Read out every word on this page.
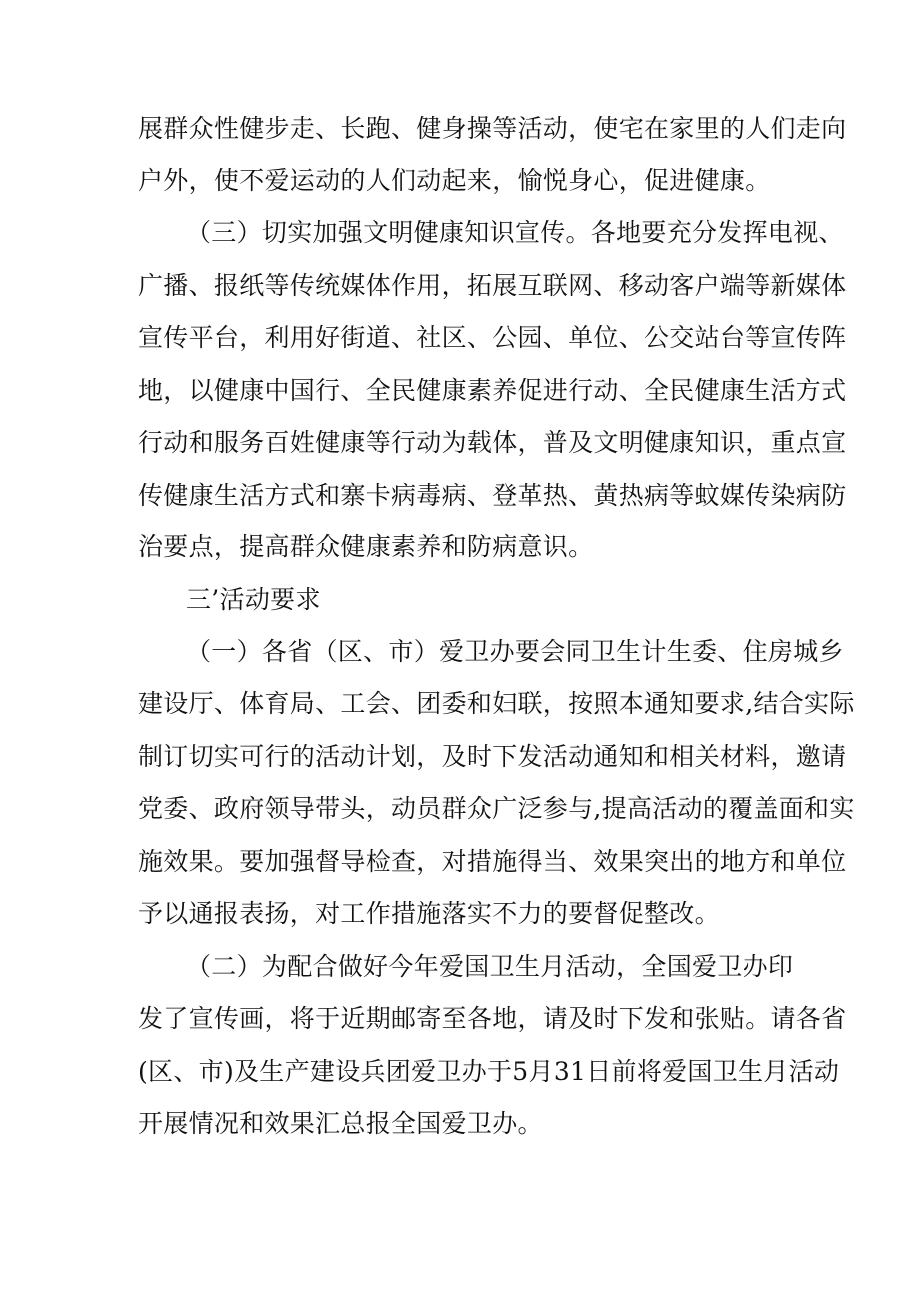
展群众性健步走、长跑、健身操等活动，使宅在家里的人们走向
户外，使不爱运动的人们动起来，愉悦身心，促进健康。
（三）切实加强文明健康知识宣传。各地要充分发挥电视、
广播、报纸等传统媒体作用，拓展互联网、移动客户端等新媒体
宣传平台，利用好街道、社区、公园、单位、公交站台等宣传阵
地，以健康中国行、全民健康素养促进行动、全民健康生活方式
行动和服务百姓健康等行动为载体，普及文明健康知识，重点宣
传健康生活方式和寨卡病毒病、登革热、黄热病等蚊媒传染病防
治要点，提高群众健康素养和防病意识。
三’活动要求
（一）各省（区、市）爱卫办要会同卫生计生委、住房城乡
建设厅、体育局、工会、团委和妇联，按照本通知要求,结合实际
制订切实可行的活动计划，及时下发活动通知和相关材料，邀请
党委、政府领导带头，动员群众广泛参与,提高活动的覆盖面和实
施效果。要加强督导检查，对措施得当、效果突出的地方和单位
予以通报表扬，对工作措施落实不力的要督促整改。
（二）为配合做好今年爱国卫生月活动，全国爱卫办印
发了宣传画，将于近期邮寄至各地，请及时下发和张贴。请各省
(区、市)及生产建设兵团爱卫办于5月31日前将爱国卫生月活动
开展情况和效果汇总报全国爱卫办。
